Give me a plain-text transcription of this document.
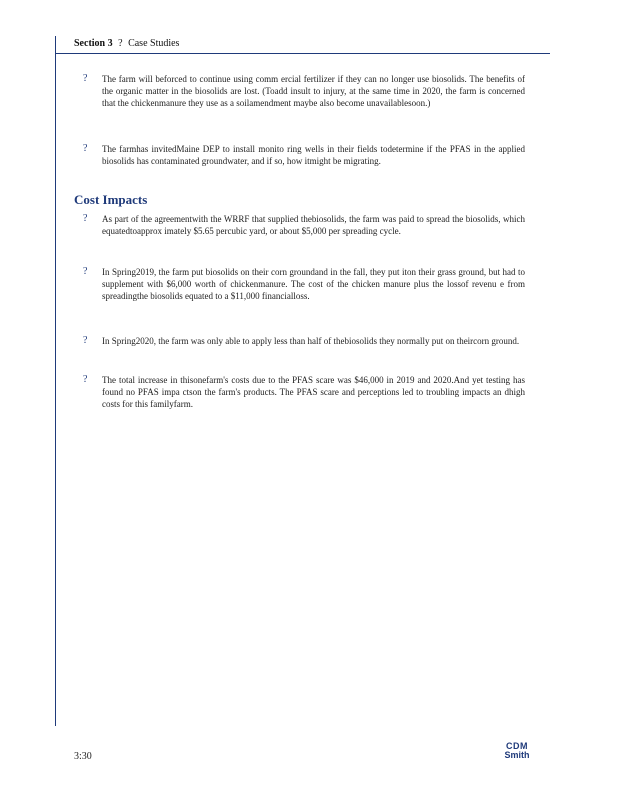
Section 3 ? Case Studies
? The farm will beforced to continue using comm ercial fertilizer if they can no longer use biosolids. The benefits of the organic matter in the biosolids are lost. (Toadd insult to injury, at the same time in 2020, the farm is concerned that the chickenmanure they use as a soilamendment maybe also become unavailablesoon.)
? The farmhas invitedMaine DEP to install monito ring wells in their fields todetermine if the PFAS in the applied biosolids has contaminated groundwater, and if so, how itmight be migrating.
Cost Impacts
? As part of the agreementwith the WRRF that supplied thebiosolids, the farm was paid to spread the biosolids, which equatedtoapprox imately $5.65 percubic yard, or about $5,000 per spreading cycle.
? In Spring2019, the farm put biosolids on their corn groundand in the fall, they put iton their grass ground, but had to supplement with $6,000 worth of chickenmanure. The cost of the chicken manure plus the lossof revenu e from spreadingthe biosolids equated to a $11,000 financialloss.
? In Spring2020, the farm was only able to apply less than half of thebiosolids they normally put on theircorn ground.
? The total increase in thisonefarm's costs due to the PFAS scare was $46,000 in 2019 and 2020.And yet testing has found no PFAS impa ctson the farm's products. The PFAS scare and perceptions led to troubling impacts an dhigh costs for this familyfarm.
3:30
CDM
Smith
